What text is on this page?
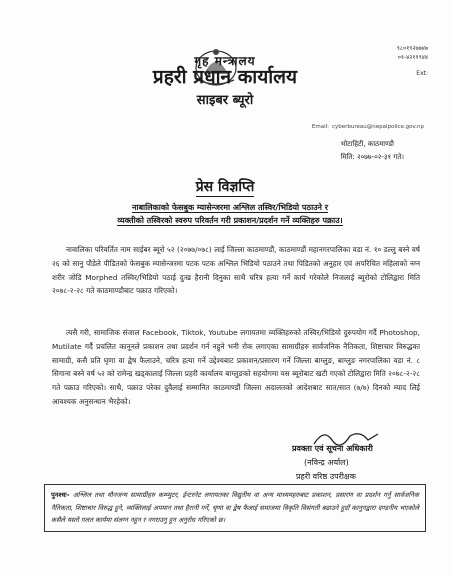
गृह मन्त्रालय
प्रहरी प्रधान कार्यालय
साइबर ब्यूरो
९८०१९२७७४७
०१-४२११९४४
Ext:
Email: cyberbureau@nepalpolice.gov.np
भोटाहिटी, काठमाण्डौ
मिति: २०७७-०२-३१ गते।
प्रेस विज्ञप्ति
नाबालिकाको फेसबुक म्यासेन्जरमा अश्लिल तस्विर/भिडियो पठाउने र
व्यक्तीको तस्विरको स्वरुप परिवर्तन गरी प्रकाशन/प्रदर्शन गर्ने व्यक्तिहरु पक्राउ।
नावालिका परिवर्तित नाम साईबर ब्यूरो ५२ (२०७७/०७८) लाई जिल्ला काठमाण्डौं, काठमाण्डौं महानगरपालिका वडा नं. १० डल्लु बस्ने वर्ष २६ को सानु पौडेले पीडितको फेसबुक म्यासेन्जरमा पटक पटक अश्लिल भिडियो पठाउने तथा पिडितको अनुहार एवं अपरिचित महिलाको नग्न शरीर जोडि Morphed तस्विर/भिडियो पठाई दुःख हैरानी दिनुका साथै चरित्र हत्या गर्ने कार्य गरेकोले निजलाई ब्यूरोको टोलिद्वारा मिति २०७८-२-२८ गते काठमाण्डौबाट पक्राउ गरिएको।
त्यसै गरी, सामाजिक संजाल Facebook, Tiktok, Youtube लगायतमा व्यक्तिहरुको तस्विर/भिडियो दुरुपयोग गर्दै Photoshop, Mutilate गर्दै प्रचलित कानूनले प्रकाशन तथा प्रदर्शन गर्न नहुने भनी रोक लगाएका सामाग्रीहरु सार्वजनिक नैतिकता, शिष्टाचार विरुद्धका सामाग्री, कसै प्रति घृणा वा द्वेष फैलाउने, चरित्र हत्या गर्ने उद्देश्यबाट प्रकाशन/प्रसारण गर्ने जिल्ला बाग्लुङ, बाग्लुङ नगरपालिका वडा नं. ८ सिगाना बस्ने वर्ष ५२ को रामेन्द्र खड्कालाई जिल्ला प्रहरी कार्यालय बाग्लुङको सहयोगमा यस ब्यूरोबाट खटी गएको टोलिद्वारा मिति २०७८-२-२८ गते पक्राउ गरिएको। साथै, पक्राउ परेका दुवैलाई सम्मानित काठमाण्डौं जिल्ला अदालतको आदेशबाट सात/सात (७/७) दिनको म्याद लिई आवश्यक अनुसन्धान भैरहेको।
प्रवक्ता एवं सूचना अधिकारी
(नविन्द्र अर्याल)
प्रहरी वरिष्ठ उपरीक्षक
पुनश्चः- अश्लिल तथा यौनजन्य सामाग्रीहरु कम्प्युटर, ईन्टरनेट लगायतका विद्युतीय वा अन्य माध्यमहरुबाट प्रकाशन, प्रसारण वा प्रदर्शन गर्नु सार्वजनिक नैतिकता, शिष्टाचार विरुद्ध हुने, व्यक्तिलाई अपमान तथा हैरानी गर्ने, घृणा वा द्वेष फैलाई समाजमा विकृति विसंगती बढाउने हुदाँ कानुनद्वारा दण्डनीय भएकोले कसैले यस्तो गलत कार्यमा संलग्न नहुन र नगराउनु हुन अनुरोध गरिएको छ।
